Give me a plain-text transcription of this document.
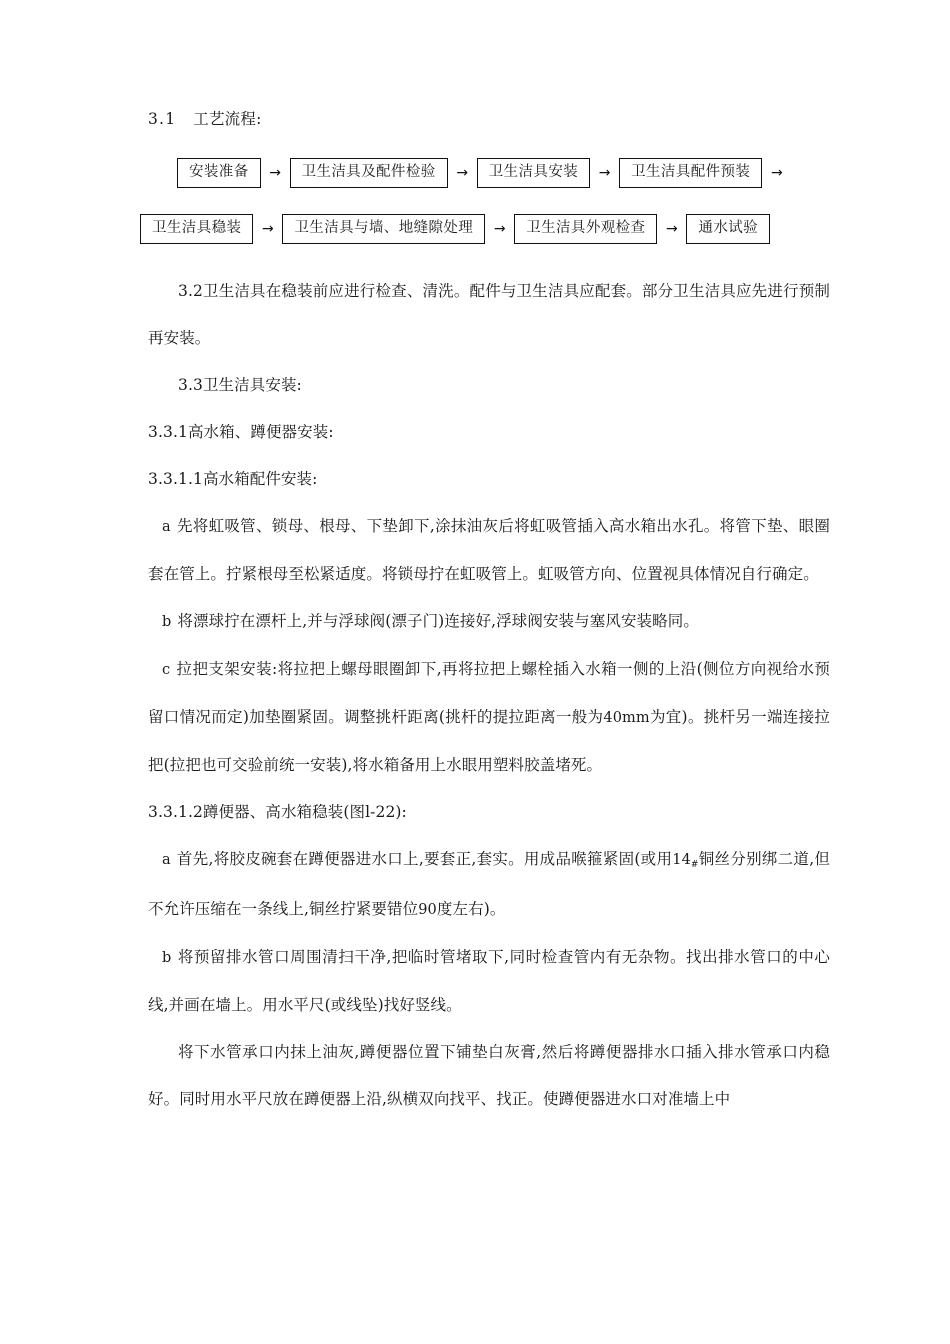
3.1 工艺流程:
安装准备	→	卫生洁具及配件检验	→	卫生洁具安装	→	卫生洁具配件预装	→
卫生洁具稳装	→	卫生洁具与墙、地缝隙处理	→	卫生洁具外观检查	→	通水试验

3.2卫生洁具在稳装前应进行检查、清洗。配件与卫生洁具应配套。部分卫生洁具应先进行预制再安装。

3.3卫生洁具安装:

3.3.1高水箱、蹲便器安装:

3.3.1.1高水箱配件安装:

a 先将虹吸管、锁母、根母、下垫卸下,涂抹油灰后将虹吸管插入高水箱出水孔。将管下垫、眼圈套在管上。拧紧根母至松紧适度。将锁母拧在虹吸管上。虹吸管方向、位置视具体情况自行确定。

b 将漂球拧在漂杆上,并与浮球阀(漂子门)连接好,浮球阀安装与塞风安装略同。

c 拉把支架安装:将拉把上螺母眼圈卸下,再将拉把上螺栓插入水箱一侧的上沿(侧位方向视给水预留口情况而定)加垫圈紧固。调整挑杆距离(挑杆的提拉距离一般为40mm为宜)。挑杆另一端连接拉把(拉把也可交验前统一安装),将水箱备用上水眼用塑料胶盖堵死。

3.3.1.2蹲便器、高水箱稳装(图l-22):

a 首先,将胶皮碗套在蹲便器进水口上,要套正,套实。用成品喉箍紧固(或用$14_{\#}$铜丝分别绑二道,但不允许压缩在一条线上,铜丝拧紧要错位90度左右)。

b 将预留排水管口周围清扫干净,把临时管堵取下,同时检查管内有无杂物。找出排水管口的中心线,并画在墙上。用水平尺(或线坠)找好竖线。

将下水管承口内抹上油灰,蹲便器位置下铺垫白灰膏,然后将蹲便器排水口插入排水管承口内稳好。同时用水平尺放在蹲便器上沿,纵横双向找平、找正。使蹲便器进水口对准墙上中
